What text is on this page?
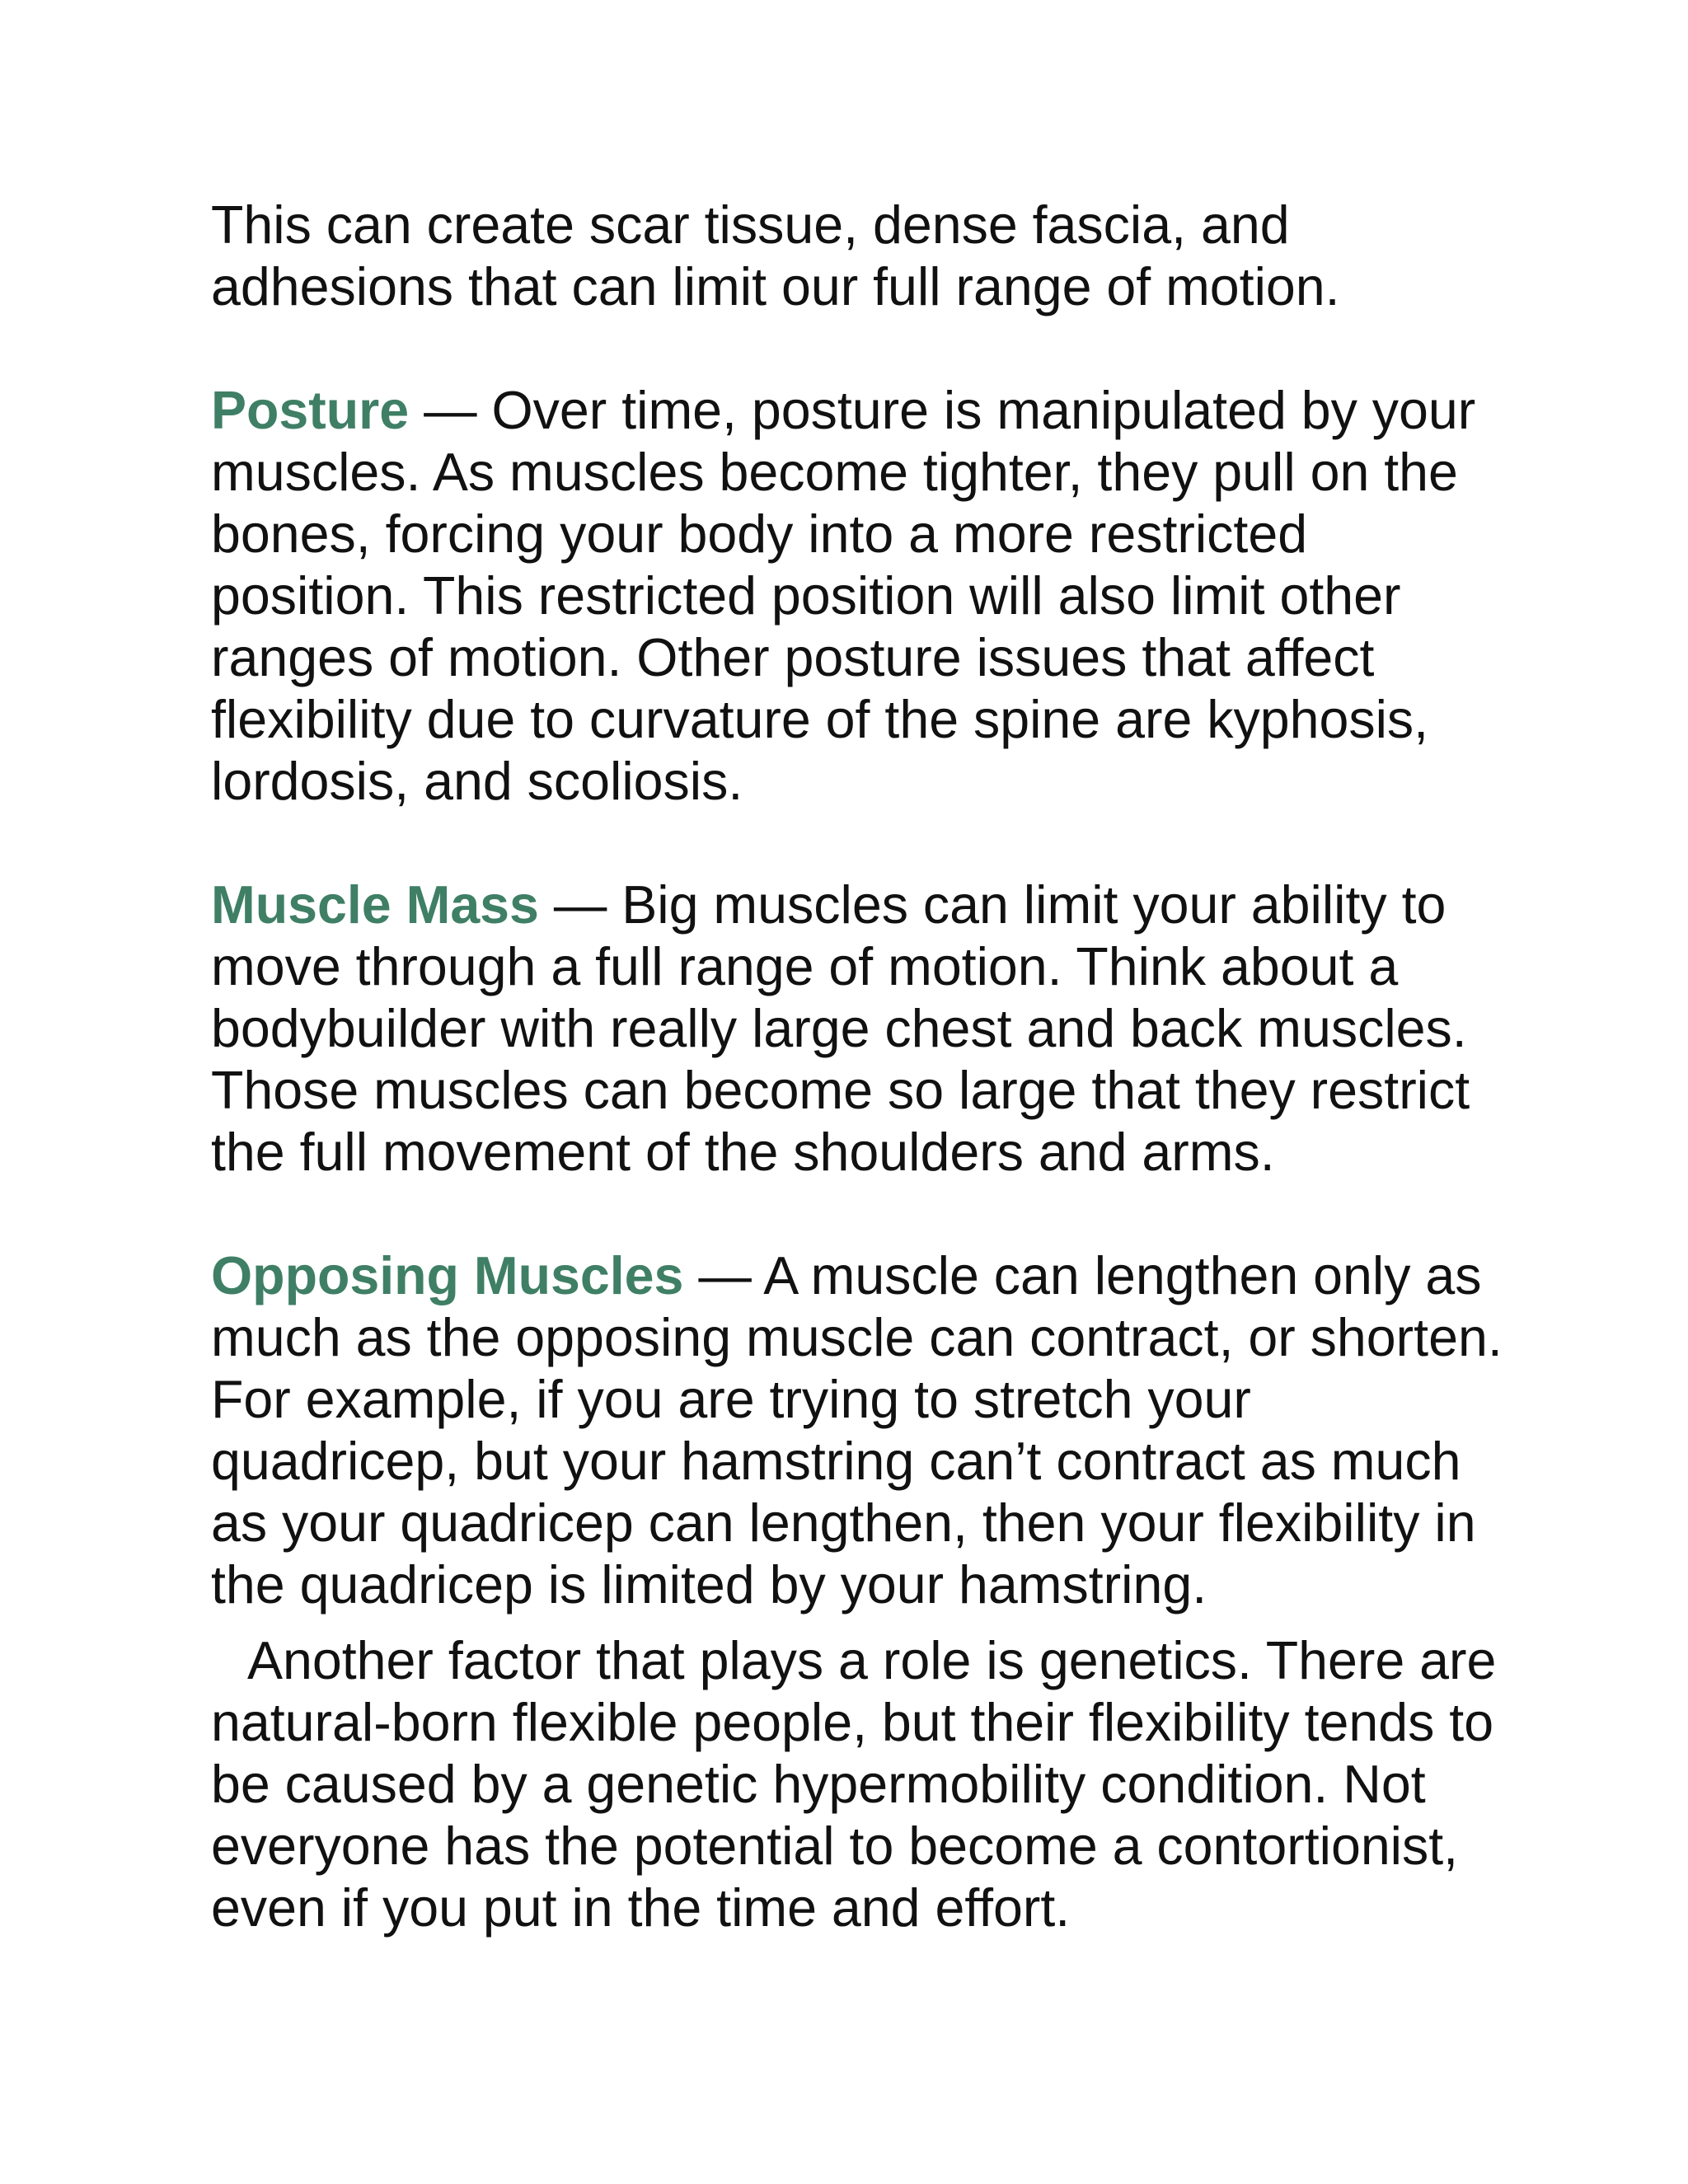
This can create scar tissue, dense fascia, and adhesions that can limit our full range of motion.

Posture — Over time, posture is manipulated by your muscles. As muscles become tighter, they pull on the bones, forcing your body into a more restricted position. This restricted position will also limit other ranges of motion. Other posture issues that affect flexibility due to curvature of the spine are kyphosis, lordosis, and scoliosis.

Muscle Mass — Big muscles can limit your ability to move through a full range of motion. Think about a bodybuilder with really large chest and back muscles. Those muscles can become so large that they restrict the full movement of the shoulders and arms.

Opposing Muscles — A muscle can lengthen only as much as the opposing muscle can contract, or shorten. For example, if you are trying to stretch your quadricep, but your hamstring can’t contract as much as your quadricep can lengthen, then your flexibility in the quadricep is limited by your hamstring.

Another factor that plays a role is genetics. There are natural-born flexible people, but their flexibility tends to be caused by a genetic hypermobility condition. Not everyone has the potential to become a contortionist, even if you put in the time and effort.
